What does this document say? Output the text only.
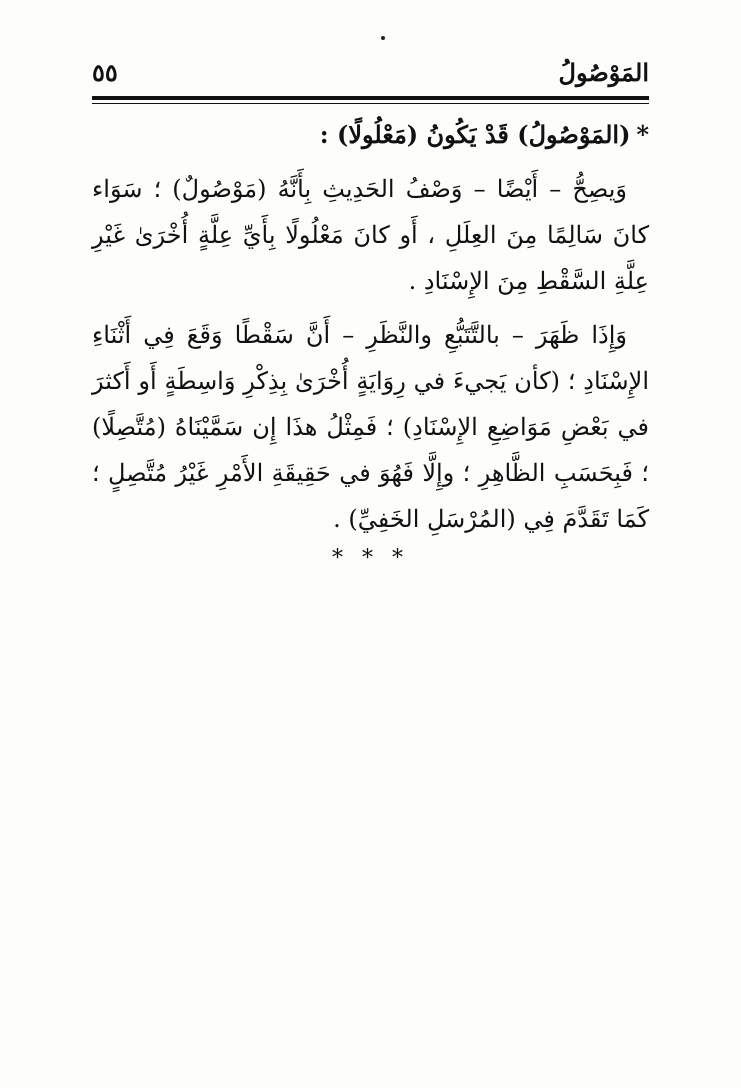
المَوْصُولُ
٥٥

*(المَوْصُولُ) قَدْ يَكُونُ (مَعْلُولًا) :

وَيصِحُّ – أَيْضًا – وَصْفُ الحَدِيثِ بِأَنَّهُ (مَوْصُولٌ) ؛ سَوَاء كانَ سَالِمًا مِنَ العِلَلِ ، أَو كانَ مَعْلُولًا بِأَيِّ عِلَّةٍ أُخْرَىٰ غَيْرِ عِلَّةِ السَّقْطِ مِنَ الإِسْنَادِ .

وَإِذَا ظَهَرَ – بالتَّتَبُّعِ والنَّظَرِ – أَنَّ سَقْطًا وَقَعَ فِي أَثْنَاءِ الإِسْنَادِ ؛ (كأن يَجيءَ في رِوَايَةٍ أُخْرَىٰ بِذِكْرِ وَاسِطَةٍ أَو أَكثرَ في بَعْضِ مَوَاضِعِ الإِسْنَادِ) ؛ فَمِثْلُ هذَا إِن سَمَّيْنَاهُ (مُتَّصِلًا) ؛ فَبِحَسَبِ الظَّاهِرِ ؛ وإِلَّا فَهُوَ في حَقِيقَةِ الأَمْرِ غَيْرُ مُتَّصِلٍ ؛ كَمَا تَقَدَّمَ فِي (المُرْسَلِ الخَفِيِّ) .

* * *
